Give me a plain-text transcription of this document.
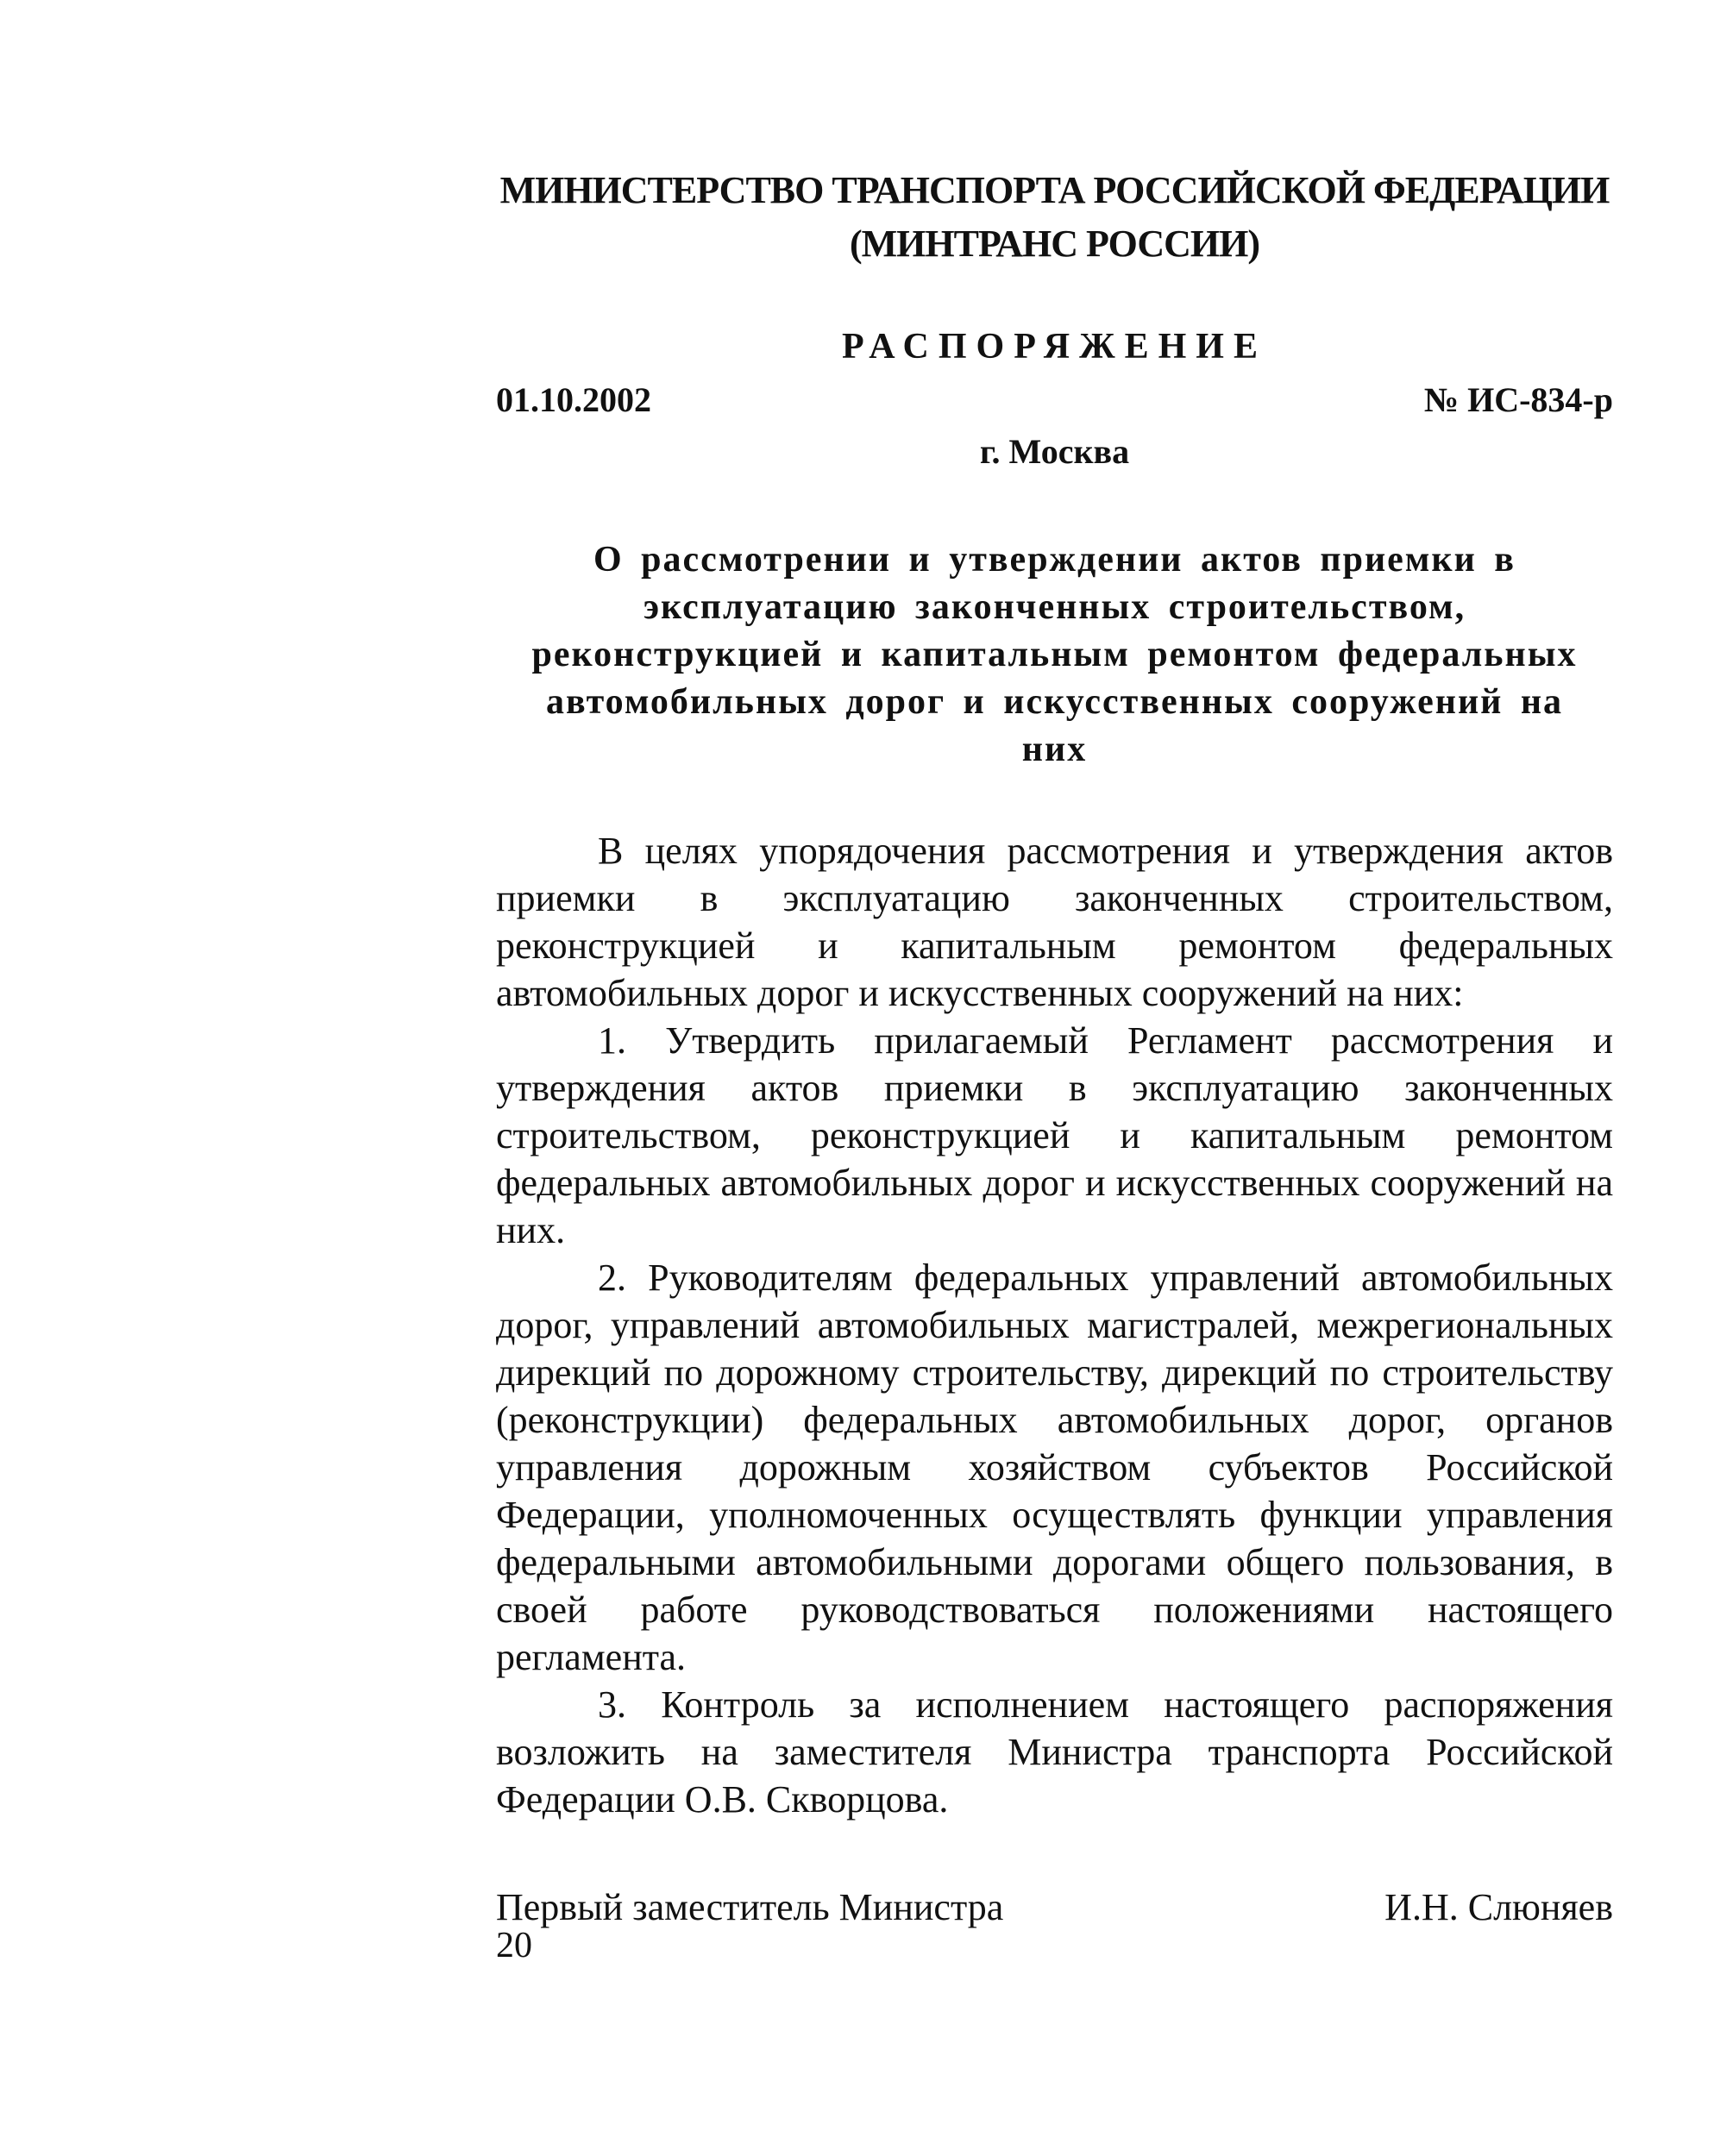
МИНИСТЕРСТВО ТРАНСПОРТА РОССИЙСКОЙ ФЕДЕРАЦИИ
(МИНТРАНС РОССИИ)
РАСПОРЯЖЕНИЕ
01.10.2002	№ ИС-834-р
г. Москва
О рассмотрении и утверждении актов приемки в эксплуатацию законченных строительством, реконструкцией и капитальным ремонтом федеральных автомобильных дорог и искусственных сооружений на них

В целях упорядочения рассмотрения и утверждения актов приемки в эксплуатацию законченных строительством, реконструкцией и капитальным ремонтом федеральных автомобильных дорог и искусственных сооружений на них:

1. Утвердить прилагаемый Регламент рассмотрения и утверждения актов приемки в эксплуатацию законченных строительством, реконструкцией и капитальным ремонтом федеральных автомобильных дорог и искусственных сооружений на них.

2. Руководителям федеральных управлений автомобильных дорог, управлений автомобильных магистралей, межрегиональных дирекций по дорожному строительству, дирекций по строительству (реконструкции) федеральных автомобильных дорог, органов управления дорожным хозяйством субъектов Российской Федерации, уполномоченных осуществлять функции управления федеральными автомобильными дорогами общего пользования, в своей работе руководствоваться положениями настоящего регламента.

3. Контроль за исполнением настоящего распоряжения возложить на заместителя Министра транспорта Российской Федерации О.В. Скворцова.

Первый заместитель Министра	И.Н. Слюняев
20
